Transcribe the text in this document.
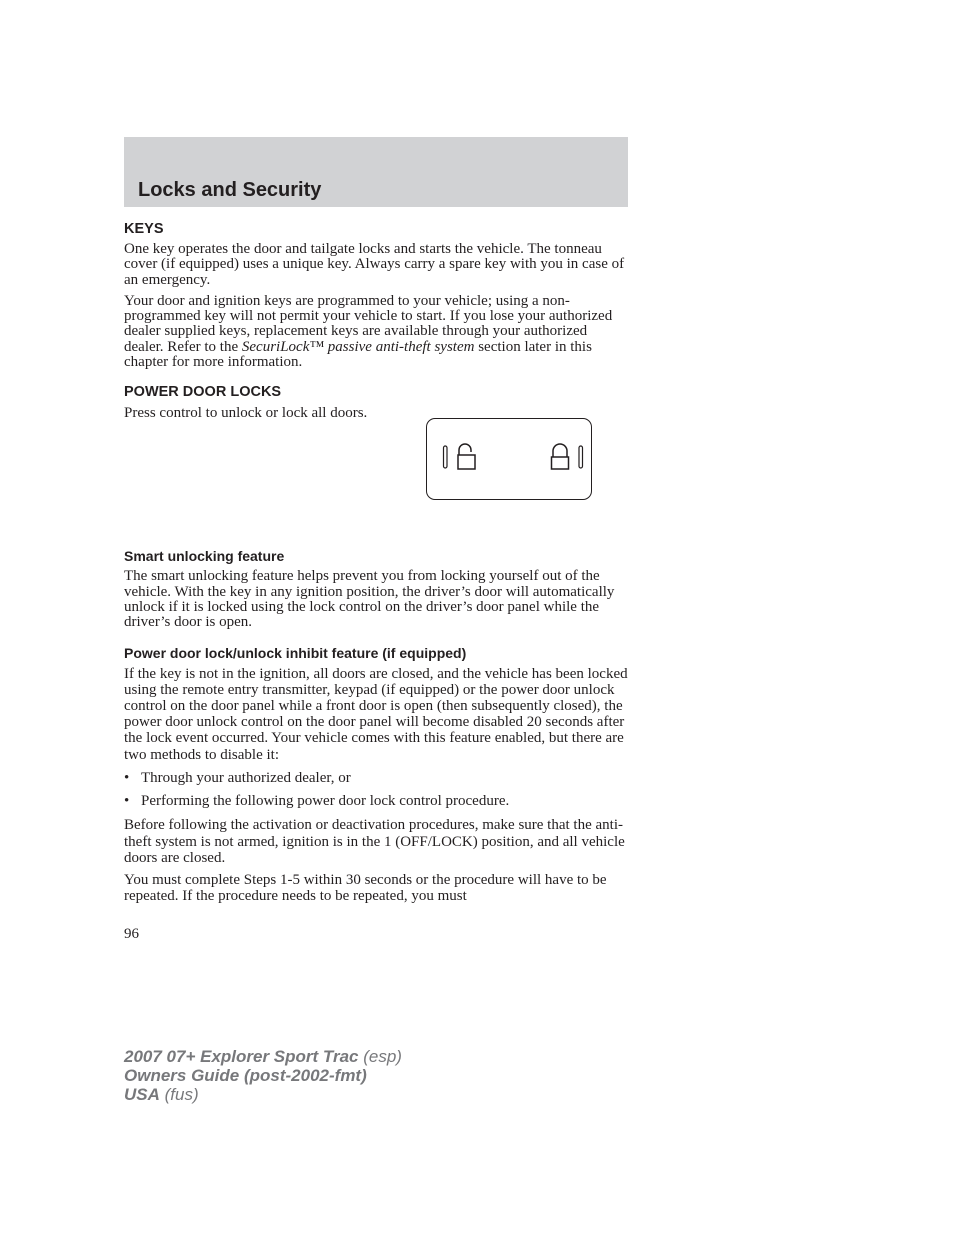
Locks and Security
KEYS

One key operates the door and tailgate locks and starts the vehicle. The tonneau cover (if equipped) uses a unique key. Always carry a spare key with you in case of an emergency.

Your door and ignition keys are programmed to your vehicle; using a non-programmed key will not permit your vehicle to start. If you lose your authorized dealer supplied keys, replacement keys are available through your authorized dealer. Refer to the SecuriLock™ passive anti-theft system section later in this chapter for more information.

POWER DOOR LOCKS

Press control to unlock or lock all doors.

Smart unlocking feature

The smart unlocking feature helps prevent you from locking yourself out of the vehicle. With the key in any ignition position, the driver’s door will automatically unlock if it is locked using the lock control on the driver’s door panel while the driver’s door is open.

Power door lock/unlock inhibit feature (if equipped)

If the key is not in the ignition, all doors are closed, and the vehicle has been locked using the remote entry transmitter, keypad (if equipped) or the power door unlock control on the door panel while a front door is open (then subsequently closed), the power door unlock control on the door panel will become disabled 20 seconds after the lock event occurred. Your vehicle comes with this feature enabled, but there are two methods to disable it:

• Through your authorized dealer, or
• Performing the following power door lock control procedure.

Before following the activation or deactivation procedures, make sure that the anti-theft system is not armed, ignition is in the 1 (OFF/LOCK) position, and all vehicle doors are closed.

You must complete Steps 1-5 within 30 seconds or the procedure will have to be repeated. If the procedure needs to be repeated, you must

96
2007 07+ Explorer Sport Trac (esp)
Owners Guide (post-2002-fmt)
USA (fus)
